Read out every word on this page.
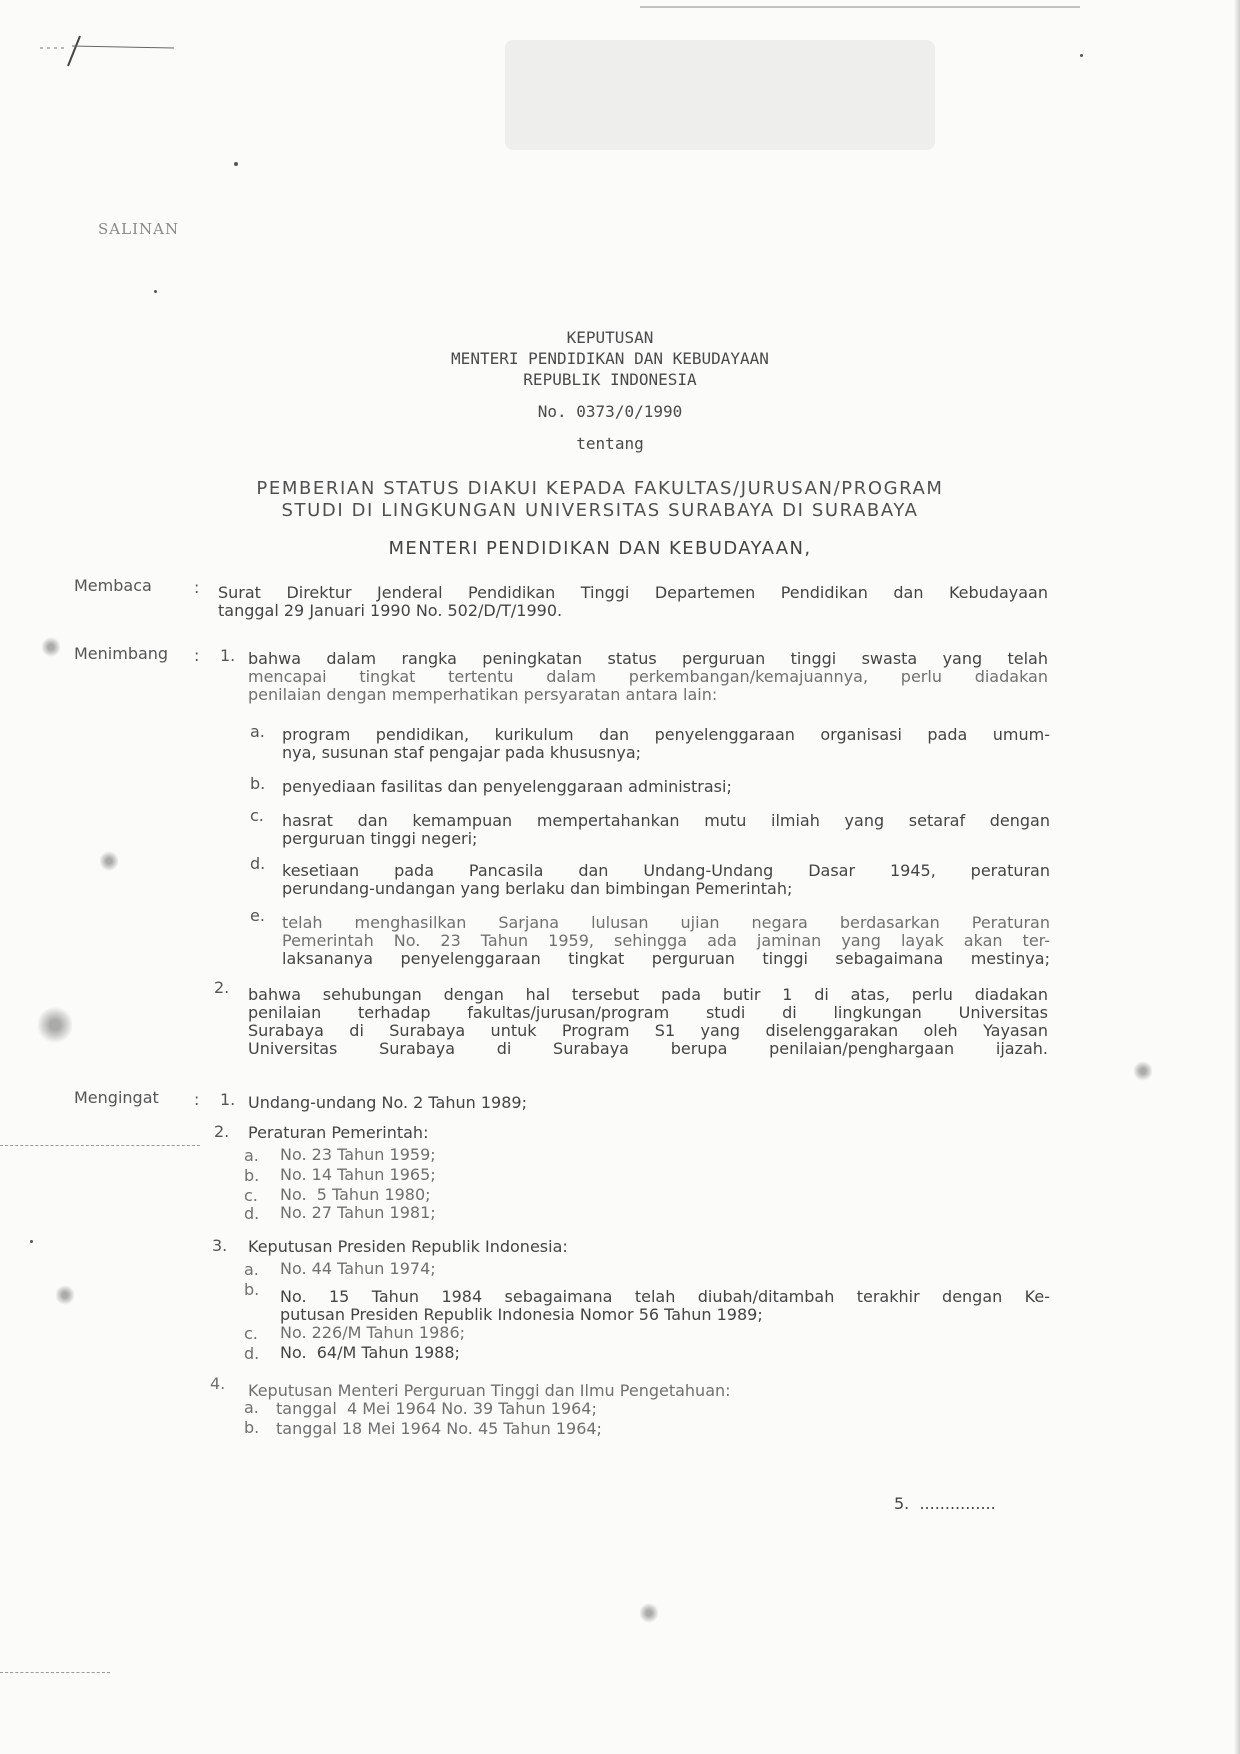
SALINAN
KEPUTUSAN
MENTERI PENDIDIKAN DAN KEBUDAYAAN
REPUBLIK INDONESIA
No. 0373/0/1990
tentang
PEMBERIAN STATUS DIAKUI KEPADA FAKULTAS/JURUSAN/PROGRAM
STUDI DI LINGKUNGAN UNIVERSITAS SURABAYA DI SURABAYA
MENTERI PENDIDIKAN DAN KEBUDAYAAN,
Membaca	: Surat Direktur Jenderal Pendidikan Tinggi Departemen Pendidikan dan Kebudayaan
tanggal 29 Januari 1990 No. 502/D/T/1990.
Menimbang : 1. bahwa dalam rangka peningkatan status perguruan tinggi swasta yang telah
mencapai tingkat tertentu dalam perkembangan/kemajuannya, perlu diadakan
penilaian dengan memperhatikan persyaratan antara lain:
a. program pendidikan, kurikulum dan penyelenggaraan organisasi pada umum-
nya, susunan staf pengajar pada khususnya;
b. penyediaan fasilitas dan penyelenggaraan administrasi;
c. hasrat dan kemampuan mempertahankan mutu ilmiah yang setaraf dengan
perguruan tinggi negeri;
d. kesetiaan pada Pancasila dan Undang-Undang Dasar 1945, peraturan
perundang-undangan yang berlaku dan bimbingan Pemerintah;
e. telah menghasilkan Sarjana lulusan ujian negara berdasarkan Peraturan
Pemerintah No. 23 Tahun 1959, sehingga ada jaminan yang layak akan ter-
laksananya penyelenggaraan tingkat perguruan tinggi sebagaimana mestinya;
2. bahwa sehubungan dengan hal tersebut pada butir 1 di atas, perlu diadakan
penilaian terhadap fakultas/jurusan/program studi di lingkungan Universitas
Surabaya di Surabaya untuk Program S1 yang diselenggarakan oleh Yayasan
Universitas Surabaya di Surabaya berupa penilaian/penghargaan ijazah.
Mengingat : 1. Undang-undang No. 2 Tahun 1989;
2. Peraturan Pemerintah:
a. No. 23 Tahun 1959;
b. No. 14 Tahun 1965;
c. No.  5 Tahun 1980;
d. No. 27 Tahun 1981;
3. Keputusan Presiden Republik Indonesia:
a. No. 44 Tahun 1974;
b. No. 15 Tahun 1984 sebagaimana telah diubah/ditambah terakhir dengan Ke-
putusan Presiden Republik Indonesia Nomor 56 Tahun 1989;
c. No. 226/M Tahun 1986;
d. No.  64/M Tahun 1988;
4. Keputusan Menteri Perguruan Tinggi dan Ilmu Pengetahuan:
a. tanggal  4 Mei 1964 No. 39 Tahun 1964;
b. tanggal 18 Mei 1964 No. 45 Tahun 1964;
5.  ...............
